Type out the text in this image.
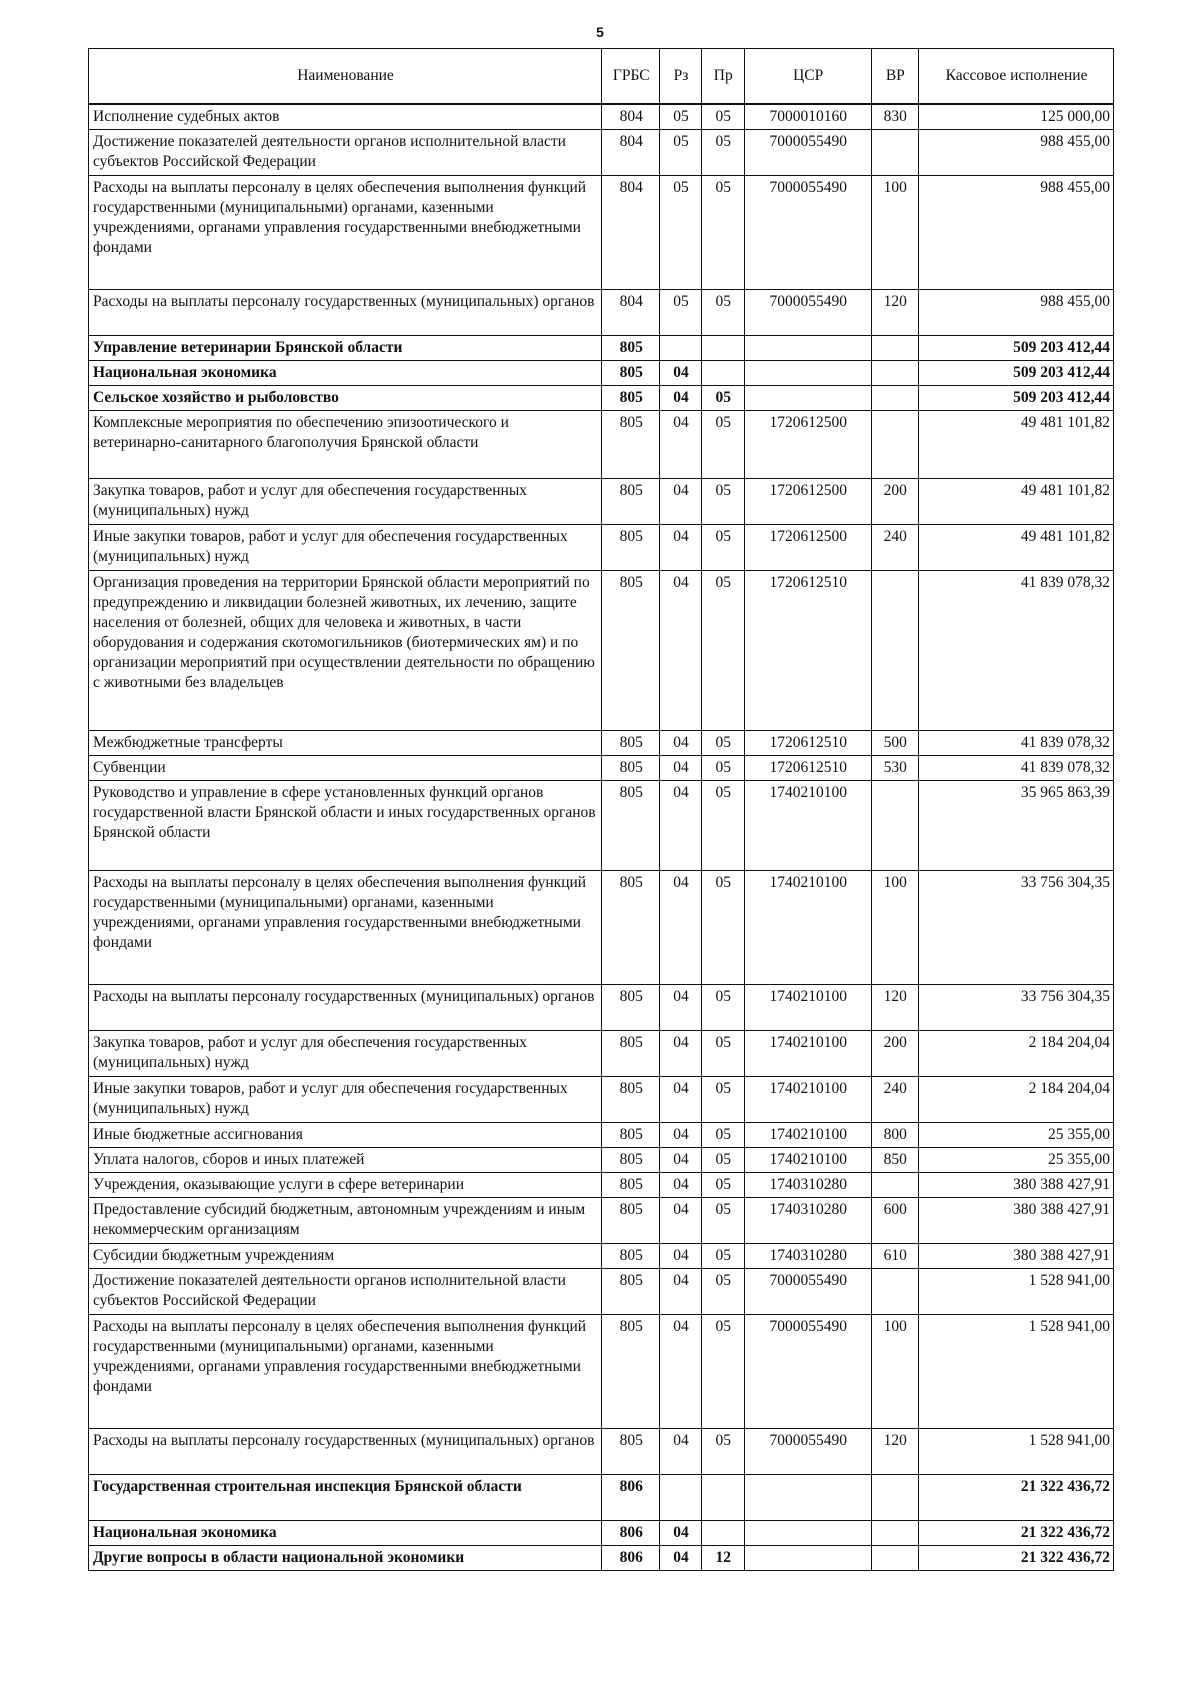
5
Наименование	ГРБС	Рз	Пр	ЦСР	ВР	Кассовое исполнение
Исполнение судебных актов	804	05	05	7000010160	830	125 000,00
Достижение показателей деятельности органов исполнительной власти субъектов Российской Федерации	804	05	05	7000055490		988 455,00
Расходы на выплаты персоналу в целях обеспечения выполнения функций государственными (муниципальными) органами, казенными учреждениями, органами управления государственными внебюджетными фондами	804	05	05	7000055490	100	988 455,00
Расходы на выплаты персоналу государственных (муниципальных) органов	804	05	05	7000055490	120	988 455,00
Управление ветеринарии Брянской области	805					509 203 412,44
Национальная экономика	805	04				509 203 412,44
Сельское хозяйство и рыболовство	805	04	05			509 203 412,44
Комплексные мероприятия по обеспечению эпизоотического и ветеринарно-санитарного благополучия Брянской области	805	04	05	1720612500		49 481 101,82
Закупка товаров, работ и услуг для обеспечения государственных (муниципальных) нужд	805	04	05	1720612500	200	49 481 101,82
Иные закупки товаров, работ и услуг для обеспечения государственных (муниципальных) нужд	805	04	05	1720612500	240	49 481 101,82
Организация проведения на территории Брянской области мероприятий по предупреждению и ликвидации болезней животных, их лечению, защите населения от болезней, общих для человека и животных, в части оборудования и содержания скотомогильников (биотермических ям) и по организации мероприятий при осуществлении деятельности по обращению с животными без владельцев	805	04	05	1720612510		41 839 078,32
Межбюджетные трансферты	805	04	05	1720612510	500	41 839 078,32
Субвенции	805	04	05	1720612510	530	41 839 078,32
Руководство и управление в сфере установленных функций органов государственной власти Брянской области и иных государственных органов Брянской области	805	04	05	1740210100		35 965 863,39
Расходы на выплаты персоналу в целях обеспечения выполнения функций государственными (муниципальными) органами, казенными учреждениями, органами управления государственными внебюджетными фондами	805	04	05	1740210100	100	33 756 304,35
Расходы на выплаты персоналу государственных (муниципальных) органов	805	04	05	1740210100	120	33 756 304,35
Закупка товаров, работ и услуг для обеспечения государственных (муниципальных) нужд	805	04	05	1740210100	200	2 184 204,04
Иные закупки товаров, работ и услуг для обеспечения государственных (муниципальных) нужд	805	04	05	1740210100	240	2 184 204,04
Иные бюджетные ассигнования	805	04	05	1740210100	800	25 355,00
Уплата налогов, сборов и иных платежей	805	04	05	1740210100	850	25 355,00
Учреждения, оказывающие услуги в сфере ветеринарии	805	04	05	1740310280		380 388 427,91
Предоставление субсидий бюджетным, автономным учреждениям и иным некоммерческим организациям	805	04	05	1740310280	600	380 388 427,91
Субсидии бюджетным учреждениям	805	04	05	1740310280	610	380 388 427,91
Достижение показателей деятельности органов исполнительной власти субъектов Российской Федерации	805	04	05	7000055490		1 528 941,00
Расходы на выплаты персоналу в целях обеспечения выполнения функций государственными (муниципальными) органами, казенными учреждениями, органами управления государственными внебюджетными фондами	805	04	05	7000055490	100	1 528 941,00
Расходы на выплаты персоналу государственных (муниципальных) органов	805	04	05	7000055490	120	1 528 941,00
Государственная строительная инспекция Брянской области	806					21 322 436,72
Национальная экономика	806	04				21 322 436,72
Другие вопросы в области национальной экономики	806	04	12			21 322 436,72
